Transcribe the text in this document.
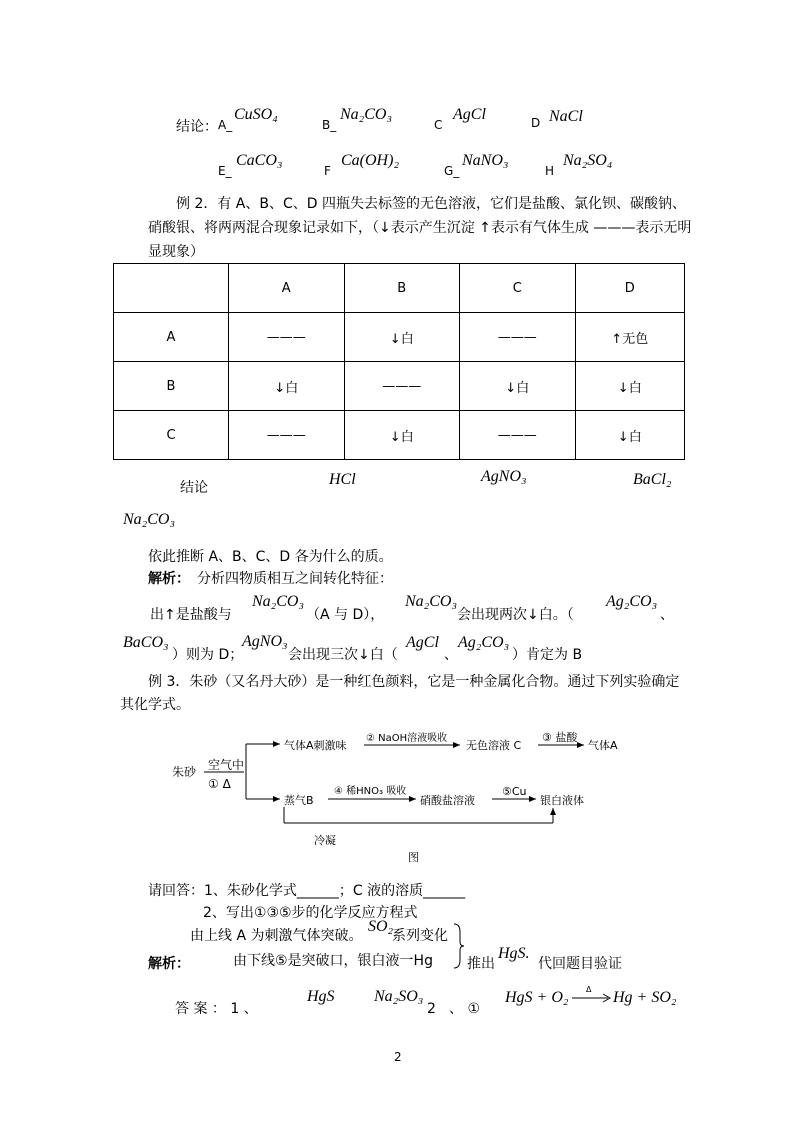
结论： A_
CuSO₄
B_
Na₂CO₃
C
AgCl	D NaCl
E_
CaCO₃
F
Ca(OH)₂
G_
NaNO₃
H
Na₂SO₄
例 2．有 A、B、C、D 四瓶失去标签的无色溶液，它们是盐酸、氯化钡、碳酸钠、
硝酸银、将两两混合现象记录如下，（↓表示产生沉淀 ↑表示有气体生成 ———表示无明
显现象）
	A	B	C	D
A	———	↓白	———	↑无色
B	↓白	———	↓白	↓白
C	———	↓白	———	↓白
结论	HCl	AgNO₃	BaCl₂
Na₂CO₃
依此推断 A、B、C、D 各为什么的质。
解析： 分析四物质相互之间转化特征：
出↑是盐酸与
Na₂CO₃
（A 与 D），
Na₂CO₃
会出现两次↓白。（
Ag₂CO₃
、
BaCO₃
）则为 D；
AgNO₃
会出现三次↓白（
AgCl
、
Ag₂CO₃
）肯定为 B
例 3．朱砂（又名丹大砂）是一种红色颜料，它是一种金属化合物。通过下列实验确定
其化学式。
朱砂 空气中
① Δ
气体A刺激味
② NaOH溶液吸收
无色溶液 C
③ 盐酸
气体A
蒸气B
④ 稀HNO₃ 吸收
硝酸盐溶液
⑤Cu
银白液体
冷凝
图
请回答：1、朱砂化学式______；C 液的溶质______
2、写出①③⑤步的化学反应方程式
由上线 A 为刺激气体突破。
SO₂
系列变化
解析：	由下线⑤是突破口，银白液一Hg 推出
HgS.
代回题目验证
答 案 ： 1 、
HgS Na₂SO₃
2 、 ①
HgS + O₂ Δ → Hg + SO₂
2
